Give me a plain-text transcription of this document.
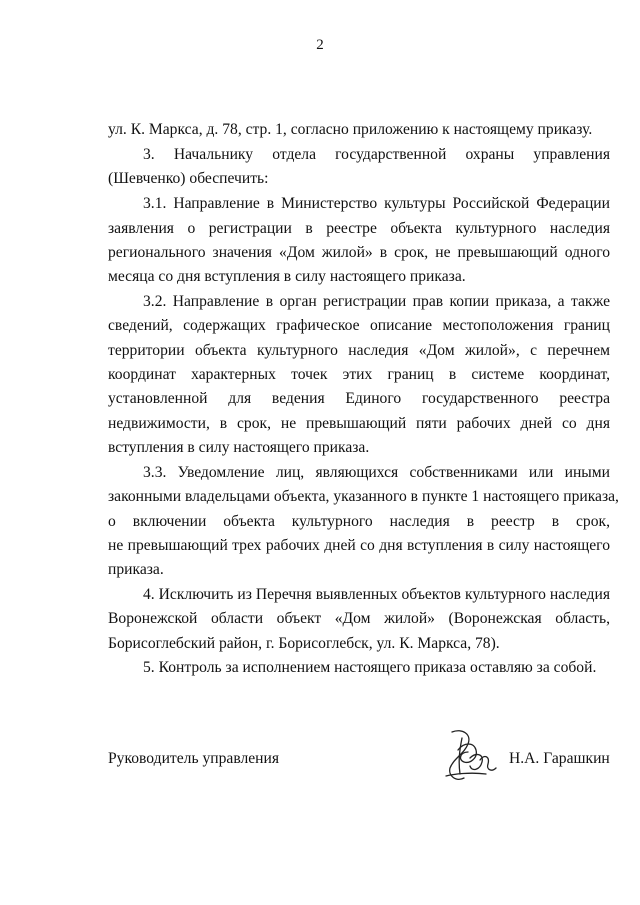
2
ул. К. Маркса, д. 78, стр. 1, согласно приложению к настоящему приказу.
3. Начальнику отдела государственной охраны управления
(Шевченко) обеспечить:
3.1. Направление в Министерство культуры Российской Федерации
заявления о регистрации в реестре объекта культурного наследия
регионального значения «Дом жилой» в срок, не превышающий одного
месяца со дня вступления в силу настоящего приказа.
3.2. Направление в орган регистрации прав копии приказа, а также
сведений, содержащих графическое описание местоположения границ
территории объекта культурного наследия «Дом жилой», с перечнем
координат характерных точек этих границ в системе координат,
установленной для ведения Единого государственного реестра
недвижимости, в срок, не превышающий пяти рабочих дней со дня
вступления в силу настоящего приказа.
3.3. Уведомление лиц, являющихся собственниками или иными
законными владельцами объекта, указанного в пункте 1 настоящего приказа,
о включении объекта культурного наследия в реестр в срок,
не превышающий трех рабочих дней со дня вступления в силу настоящего
приказа.
4. Исключить из Перечня выявленных объектов культурного наследия
Воронежской области объект «Дом жилой» (Воронежская область,
Борисоглебский район, г. Борисоглебск, ул. К. Маркса, 78).
5. Контроль за исполнением настоящего приказа оставляю за собой.
Руководитель управления	Н.А. Гарашкин
